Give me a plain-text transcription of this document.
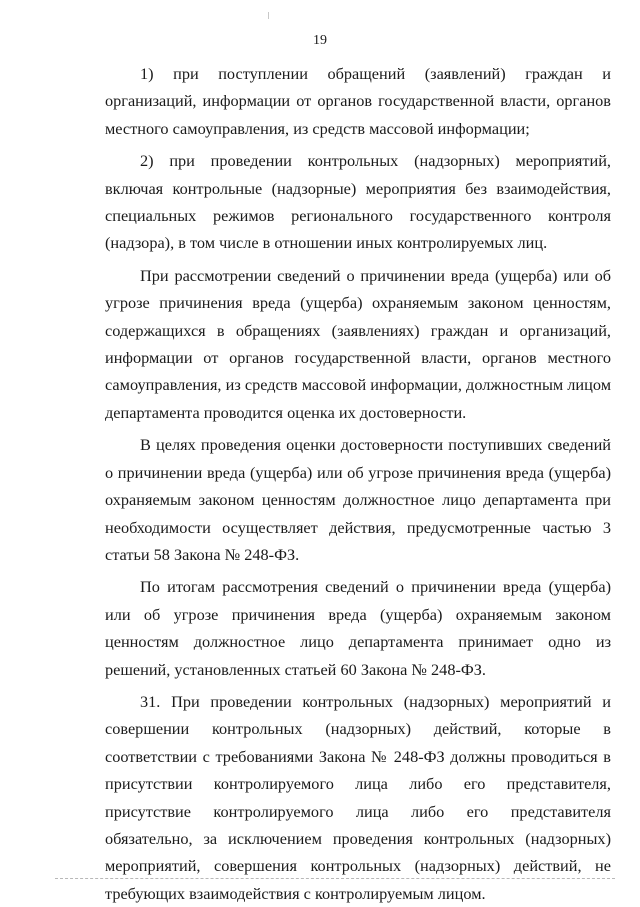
19

1) при поступлении обращений (заявлений) граждан и организаций, информации от органов государственной власти, органов местного самоуправления, из средств массовой информации;

2) при проведении контрольных (надзорных) мероприятий, включая контрольные (надзорные) мероприятия без взаимодействия, специальных режимов регионального государственного контроля (надзора), в том числе в отношении иных контролируемых лиц.

При рассмотрении сведений о причинении вреда (ущерба) или об угрозе причинения вреда (ущерба) охраняемым законом ценностям, содержащихся в обращениях (заявлениях) граждан и организаций, информации от органов государственной власти, органов местного самоуправления, из средств массовой информации, должностным лицом департамента проводится оценка их достоверности.

В целях проведения оценки достоверности поступивших сведений о причинении вреда (ущерба) или об угрозе причинения вреда (ущерба) охраняемым законом ценностям должностное лицо департамента при необходимости осуществляет действия, предусмотренные частью 3 статьи 58 Закона № 248-ФЗ.

По итогам рассмотрения сведений о причинении вреда (ущерба) или об угрозе причинения вреда (ущерба) охраняемым законом ценностям должностное лицо департамента принимает одно из решений, установленных статьей 60 Закона № 248-ФЗ.

31. При проведении контрольных (надзорных) мероприятий и совершении контрольных (надзорных) действий, которые в соответствии с требованиями Закона № 248-ФЗ должны проводиться в присутствии контролируемого лица либо его представителя, присутствие контролируемого лица либо его представителя обязательно, за исключением проведения контрольных (надзорных) мероприятий, совершения контрольных (надзорных) действий, не требующих взаимодействия с контролируемым лицом.
